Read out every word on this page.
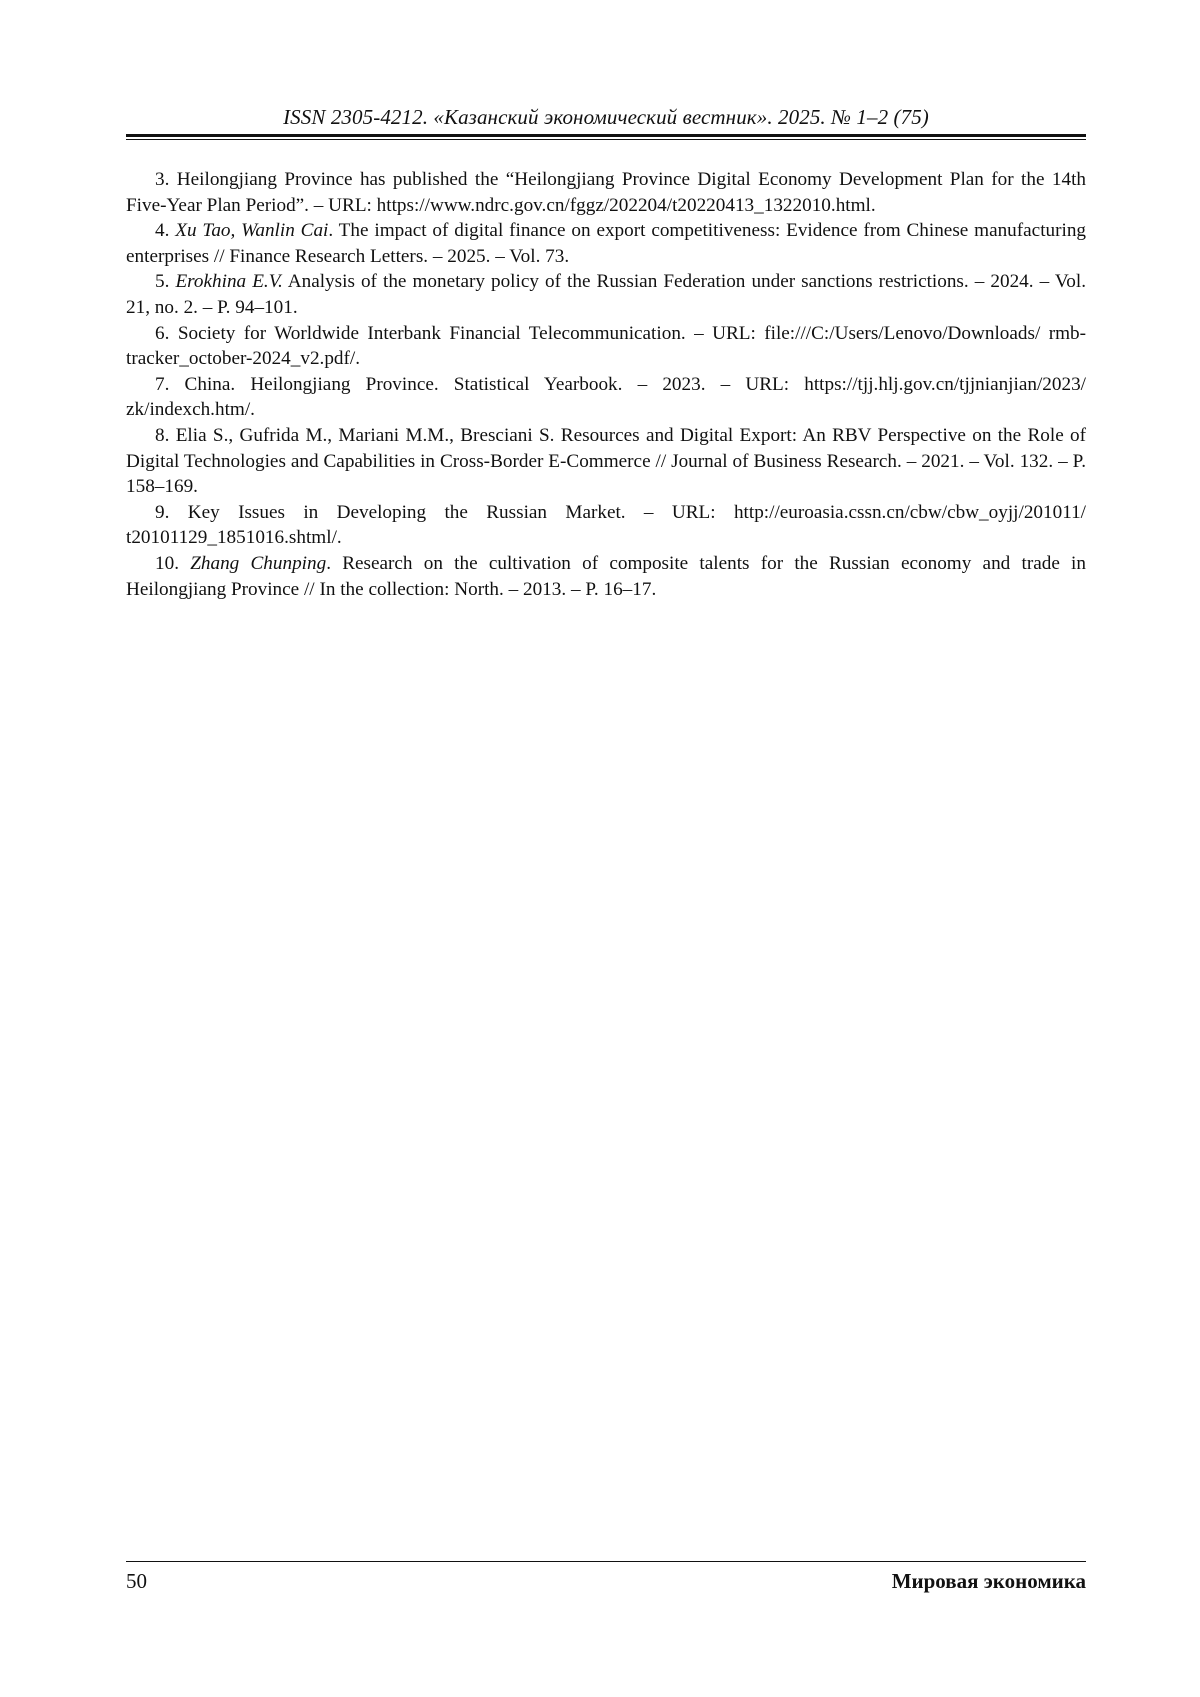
ISSN 2305-4212. «Казанский экономический вестник». 2025. № 1–2 (75)

3. Heilongjiang Province has published the “Heilongjiang Province Digital Economy Development Plan for the 14th Five-Year Plan Period”. – URL: https://www.ndrc.gov.cn/fggz/202204/t20220413_1322010.html.

4. Xu Tao, Wanlin Cai. The impact of digital finance on export competitiveness: Evidence from Chinese manufacturing enterprises // Finance Research Letters. – 2025. – Vol. 73.

5. Erokhina E.V. Analysis of the monetary policy of the Russian Federation under sanctions restrictions. – 2024. – Vol. 21, no. 2. – P. 94–101.

6. Society for Worldwide Interbank Financial Telecommunication. – URL: file:///C:/Users/Lenovo/Downloads/ rmb-tracker_october-2024_v2.pdf/.

7. China. Heilongjiang Province. Statistical Yearbook. – 2023. – URL: https://tjj.hlj.gov.cn/tjjnianjian/2023/ zk/indexch.htm/.

8. Elia S., Gufrida M., Mariani M.M., Bresciani S. Resources and Digital Export: An RBV Perspective on the Role of Digital Technologies and Capabilities in Cross-Border E-Commerce // Journal of Business Research. – 2021. – Vol. 132. – P. 158–169.

9. Key Issues in Developing the Russian Market. – URL: http://euroasia.cssn.cn/cbw/cbw_oyjj/201011/ t20101129_1851016.shtml/.

10. Zhang Chunping. Research on the cultivation of composite talents for the Russian economy and trade in Heilongjiang Province // In the collection: North. – 2013. – P. 16–17.

50	Мировая экономика
